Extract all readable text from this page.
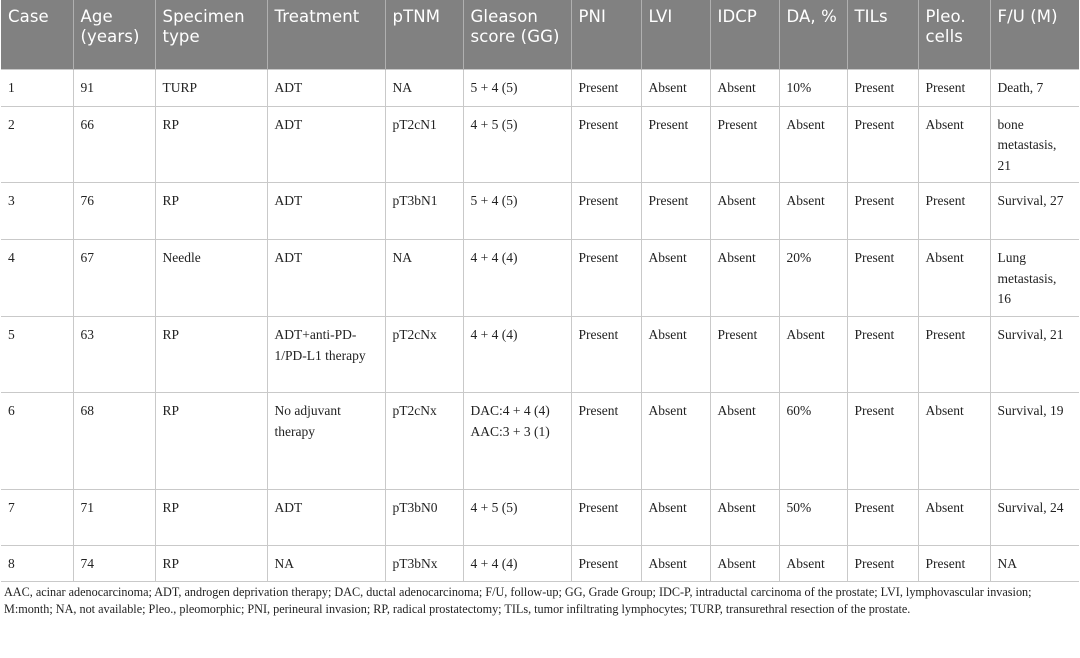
Case	Age (years)	Specimen type	Treatment	pTNM	Gleason score (GG)	PNI	LVI	IDCP	DA, %	TILs	Pleo. cells	F/U (M)
1	91	TURP	ADT	NA	5 + 4 (5)	Present	Absent	Absent	10%	Present	Present	Death, 7
2	66	RP	ADT	pT2cN1	4 + 5 (5)	Present	Present	Present	Absent	Present	Absent	bone metastasis, 21
3	76	RP	ADT	pT3bN1	5 + 4 (5)	Present	Present	Absent	Absent	Present	Present	Survival, 27
4	67	Needle	ADT	NA	4 + 4 (4)	Present	Absent	Absent	20%	Present	Absent	Lung metastasis, 16
5	63	RP	ADT+anti-PD-1/PD-L1 therapy	pT2cNx	4 + 4 (4)	Present	Absent	Present	Absent	Present	Present	Survival, 21
6	68	RP	No adjuvant therapy	pT2cNx	DAC:4 + 4 (4) AAC:3 + 3 (1)	Present	Absent	Absent	60%	Present	Absent	Survival, 19
7	71	RP	ADT	pT3bN0	4 + 5 (5)	Present	Absent	Absent	50%	Present	Absent	Survival, 24
8	74	RP	NA	pT3bNx	4 + 4 (4)	Present	Absent	Absent	Absent	Present	Present	NA
AAC, acinar adenocarcinoma; ADT, androgen deprivation therapy; DAC, ductal adenocarcinoma; F/U, follow-up; GG, Grade Group; IDC-P, intraductal carcinoma of the prostate; LVI, lymphovascular invasion; M:month; NA, not available; Pleo., pleomorphic; PNI, perineural invasion; RP, radical prostatectomy; TILs, tumor infiltrating lymphocytes; TURP, transurethral resection of the prostate.
